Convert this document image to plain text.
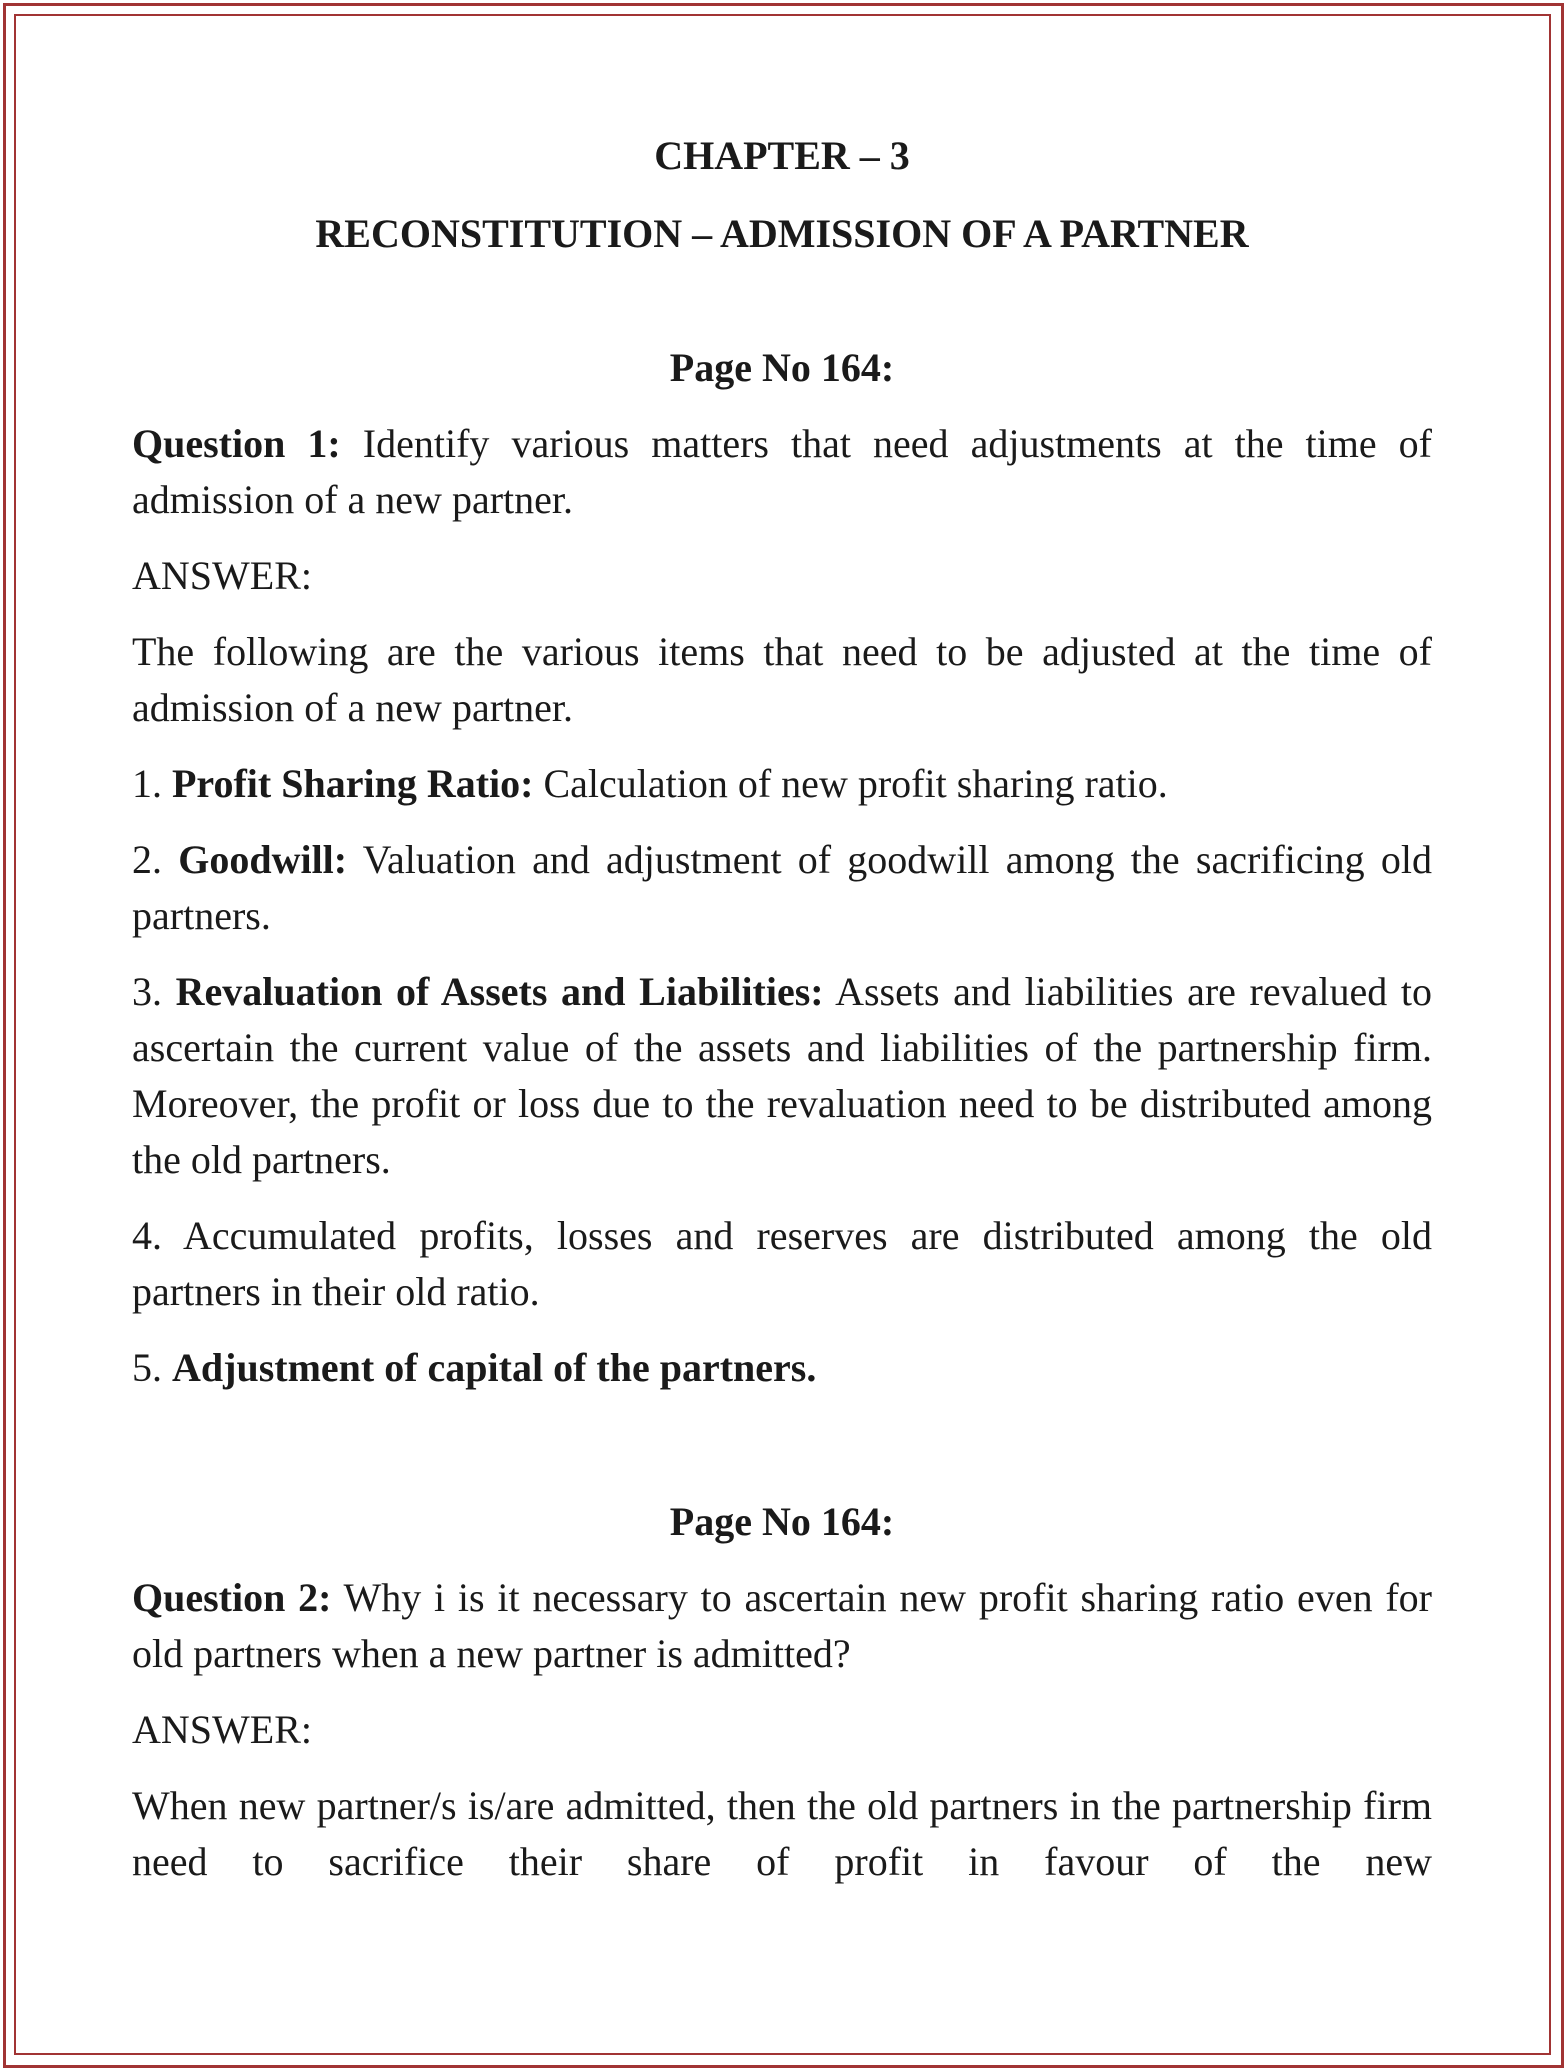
CHAPTER – 3
RECONSTITUTION – ADMISSION OF A PARTNER
Page No 164:

Question 1: Identify various matters that need adjustments at the time of admission of a new partner.

ANSWER:

The following are the various items that need to be adjusted at the time of admission of a new partner.

1. Profit Sharing Ratio: Calculation of new profit sharing ratio.

2. Goodwill: Valuation and adjustment of goodwill among the sacrificing old partners.

3. Revaluation of Assets and Liabilities: Assets and liabilities are revalued to ascertain the current value of the assets and liabilities of the partnership firm. Moreover, the profit or loss due to the revaluation need to be distributed among the old partners.

4. Accumulated profits, losses and reserves are distributed among the old partners in their old ratio.

5. Adjustment of capital of the partners.

Page No 164:

Question 2: Why i is it necessary to ascertain new profit sharing ratio even for old partners when a new partner is admitted?

ANSWER:

When new partner/s is/are admitted, then the old partners in the partnership firm need to sacrifice their share of profit in favour of the new
